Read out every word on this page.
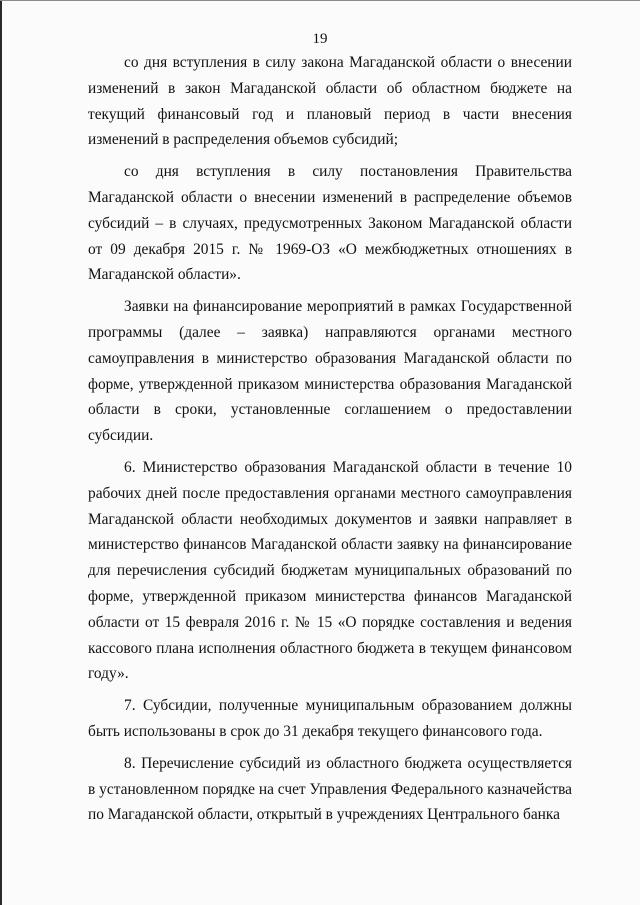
19

со дня вступления в силу закона Магаданской области о внесении изменений в закон Магаданской области об областном бюджете на текущий финансовый год и плановый период в части внесения изменений в распределения объемов субсидий;

со дня вступления в силу постановления Правительства Магаданской области о внесении изменений в распределение объемов субсидий – в случаях, предусмотренных Законом Магаданской области от 09 декабря 2015 г. № 1969-ОЗ «О межбюджетных отношениях в Магаданской области».

Заявки на финансирование мероприятий в рамках Государственной программы (далее – заявка) направляются органами местного самоуправления в министерство образования Магаданской области по форме, утвержденной приказом министерства образования Магаданской области в сроки, установленные соглашением о предоставлении субсидии.

6. Министерство образования Магаданской области в течение 10 рабочих дней после предоставления органами местного самоуправления Магаданской области необходимых документов и заявки направляет в министерство финансов Магаданской области заявку на финансирование для перечисления субсидий бюджетам муниципальных образований по форме, утвержденной приказом министерства финансов Магаданской области от 15 февраля 2016 г. № 15 «О порядке составления и ведения кассового плана исполнения областного бюджета в текущем финансовом году».

7. Субсидии, полученные муниципальным образованием должны быть использованы в срок до 31 декабря текущего финансового года.

8. Перечисление субсидий из областного бюджета осуществляется в установленном порядке на счет Управления Федерального казначейства по Магаданской области, открытый в учреждениях Центрального банка
